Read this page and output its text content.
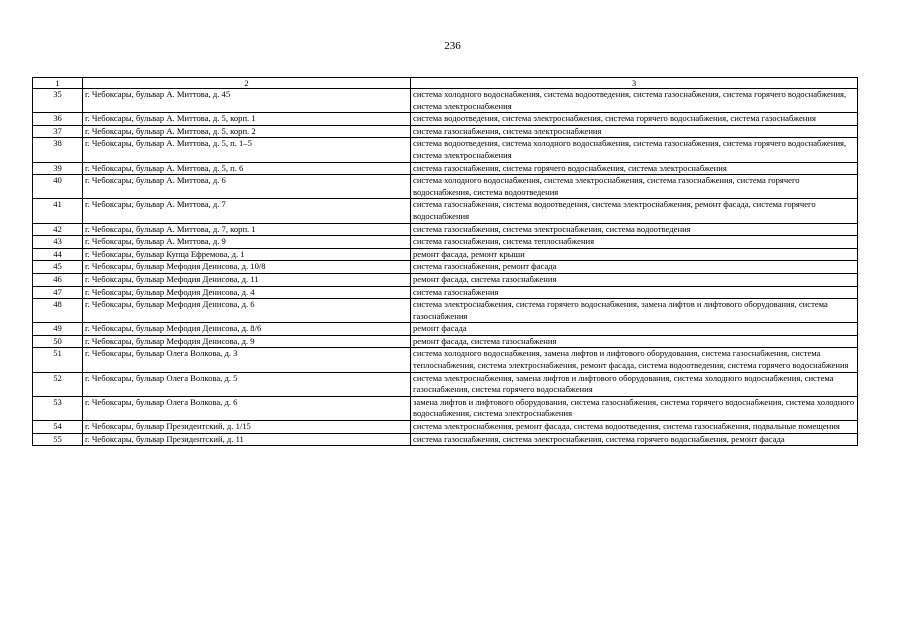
236
1	2	3
35	г. Чебоксары, бульвар А. Миттова, д. 45	система холодного водоснабжения, система водоотведения, система газоснабжения, система горячего водоснабжения, система электроснабжения
36	г. Чебоксары, бульвар А. Миттова, д. 5, корп. 1	система водоотведения, система электроснабжения, система горячего водоснабжения, система газоснабжения
37	г. Чебоксары, бульвар А. Миттова, д. 5, корп. 2	система газоснабжения, система электроснабжения
38	г. Чебоксары, бульвар А. Миттова, д. 5, п. 1–5	система водоотведения, система холодного водоснабжения, система газоснабжения, система горячего водоснабжения, система электроснабжения
39	г. Чебоксары, бульвар А. Миттова, д. 5, п. 6	система газоснабжения, система горячего водоснабжения, система электроснабжения
40	г. Чебоксары, бульвар А. Миттова, д. 6	система холодного водоснабжения, система электроснабжения, система газоснабжения, система горячего водоснабжения, система водоотведения
41	г. Чебоксары, бульвар А. Миттова, д. 7	система газоснабжения, система водоотведения, система электроснабжения, ремонт фасада, система горячего водоснабжения
42	г. Чебоксары, бульвар А. Миттова, д. 7, корп. 1	система газоснабжения, система электроснабжения, система водоотведения
43	г. Чебоксары, бульвар А. Миттова, д. 9	система газоснабжения, система теплоснабжения
44	г. Чебоксары, бульвар Купца Ефремова, д. 1	ремонт фасада, ремонт крыши
45	г. Чебоксары, бульвар Мефодия Денисова, д. 10/8	система газоснабжения, ремонт фасада
46	г. Чебоксары, бульвар Мефодия Денисова, д. 11	ремонт фасада, система газоснабжения
47	г. Чебоксары, бульвар Мефодия Денисова, д. 4	система газоснабжения
48	г. Чебоксары, бульвар Мефодия Денисова, д. 6	система электроснабжения, система горячего водоснабжения, замена лифтов и лифтового оборудования, система газоснабжения
49	г. Чебоксары, бульвар Мефодия Денисова, д. 8/6	ремонт фасада
50	г. Чебоксары, бульвар Мефодия Денисова, д. 9	ремонт фасада, система газоснабжения
51	г. Чебоксары, бульвар Олега Волкова, д. 3	система холодного водоснабжения, замена лифтов и лифтового оборудования, система газоснабжения, система теплоснабжения, система электроснабжения, ремонт фасада, система водоотведения, система горячего водоснабжения
52	г. Чебоксары, бульвар Олега Волкова, д. 5	система электроснабжения, замена лифтов и лифтового оборудования, система холодного водоснабжения, система газоснабжения, система горячего водоснабжения
53	г. Чебоксары, бульвар Олега Волкова, д. 6	замена лифтов и лифтового оборудования, система газоснабжения, система горячего водоснабжения, система холодного водоснабжения, система электроснабжения
54	г. Чебоксары, бульвар Президентский, д. 1/15	система электроснабжения, ремонт фасада, система водоотведения, система газоснабжения, подвальные помещения
55	г. Чебоксары, бульвар Президентский, д. 11	система газоснабжения, система электроснабжения, система горячего водоснабжения, ремонт фасада
